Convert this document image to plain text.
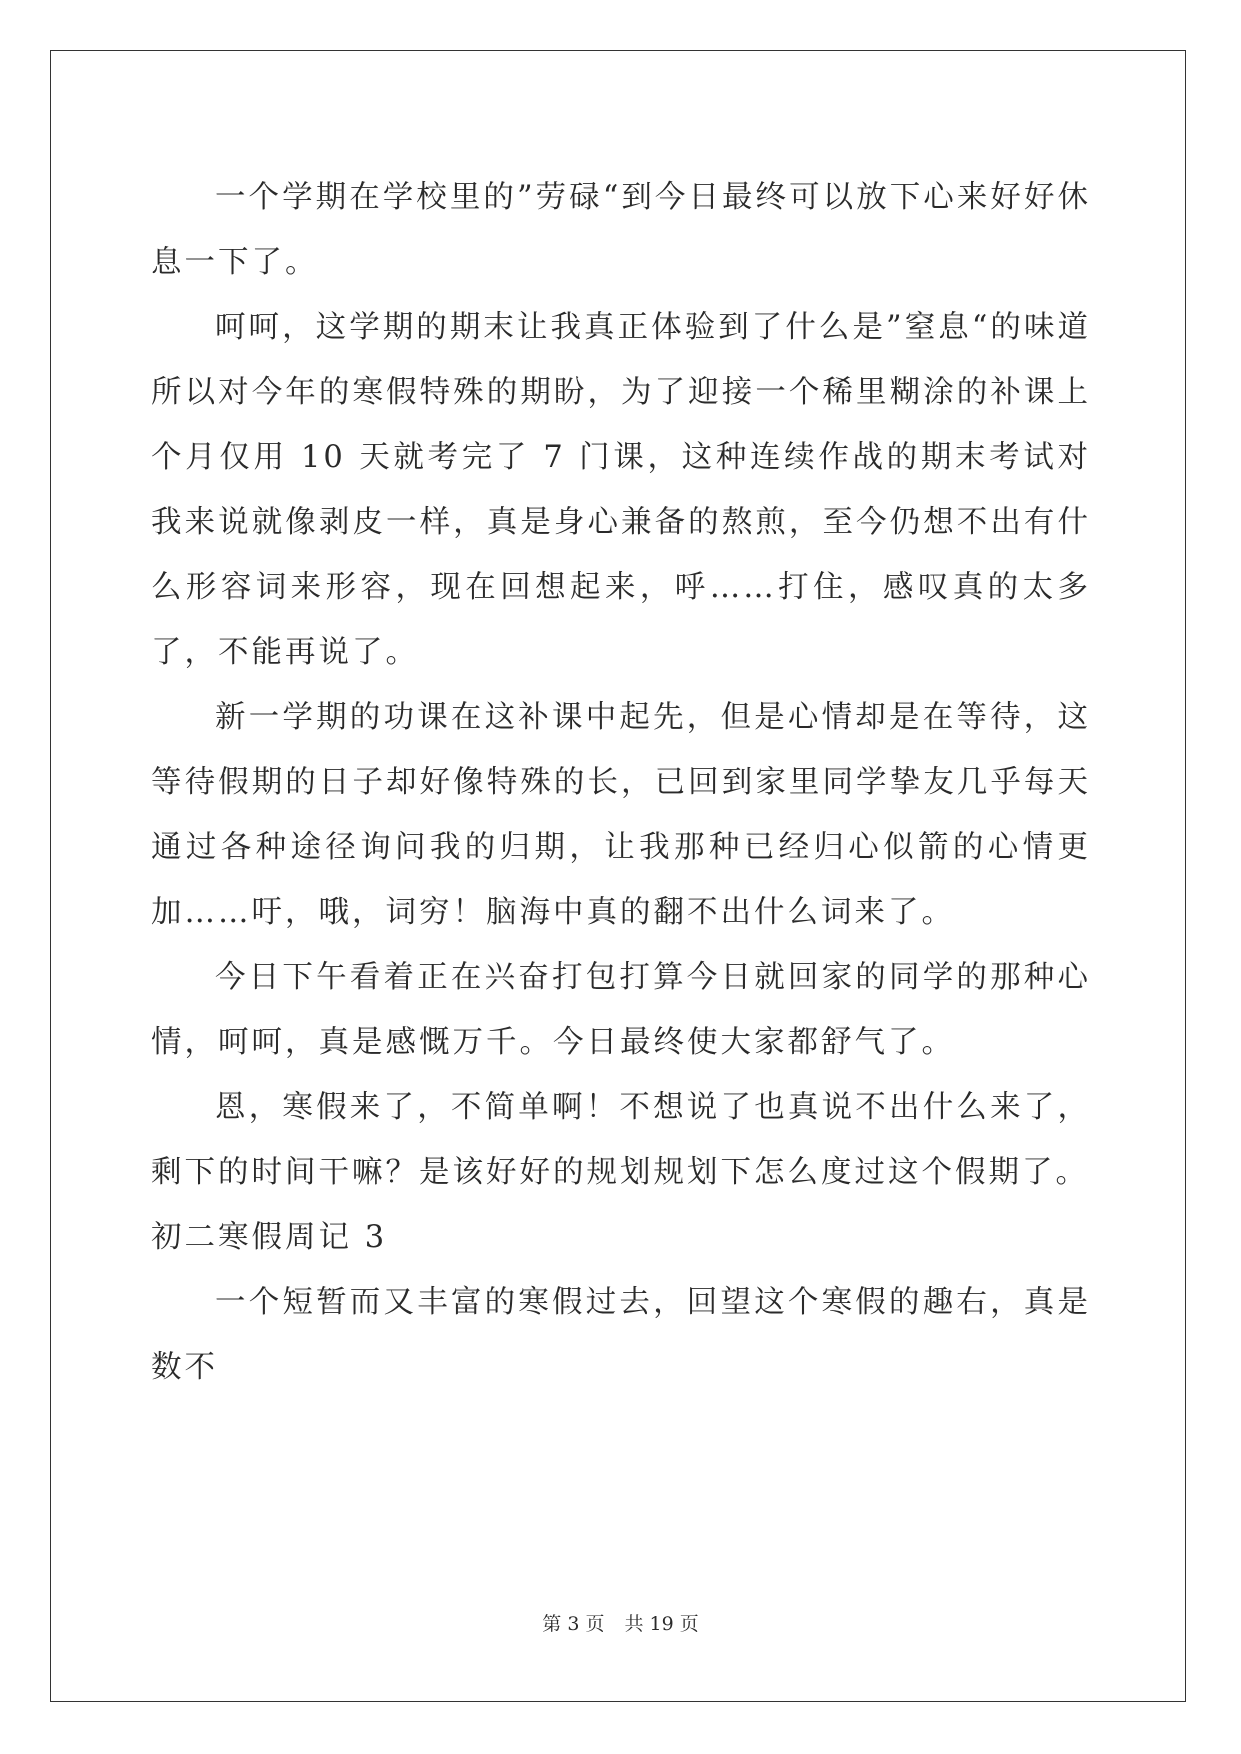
一个学期在学校里的”劳碌“到今日最终可以放下心来好好休息一下了。

呵呵，这学期的期末让我真正体验到了什么是”窒息“的味道所以对今年的寒假特殊的期盼，为了迎接一个稀里糊涂的补课上个月仅用 10 天就考完了 7 门课，这种连续作战的期末考试对我来说就像剥皮一样，真是身心兼备的熬煎，至今仍想不出有什么形容词来形容，现在回想起来，呼……打住，感叹真的太多了，不能再说了。

新一学期的功课在这补课中起先，但是心情却是在等待，这等待假期的日子却好像特殊的长，已回到家里同学挚友几乎每天通过各种途径询问我的归期，让我那种已经归心似箭的心情更加……吁，哦，词穷！脑海中真的翻不出什么词来了。

今日下午看着正在兴奋打包打算今日就回家的同学的那种心情，呵呵，真是感慨万千。今日最终使大家都舒气了。

恩，寒假来了，不简单啊！不想说了也真说不出什么来了，剩下的时间干嘛？是该好好的规划规划下怎么度过这个假期了。

初二寒假周记 3

一个短暂而又丰富的寒假过去，回望这个寒假的趣右，真是数不

第 3 页 共 19 页
